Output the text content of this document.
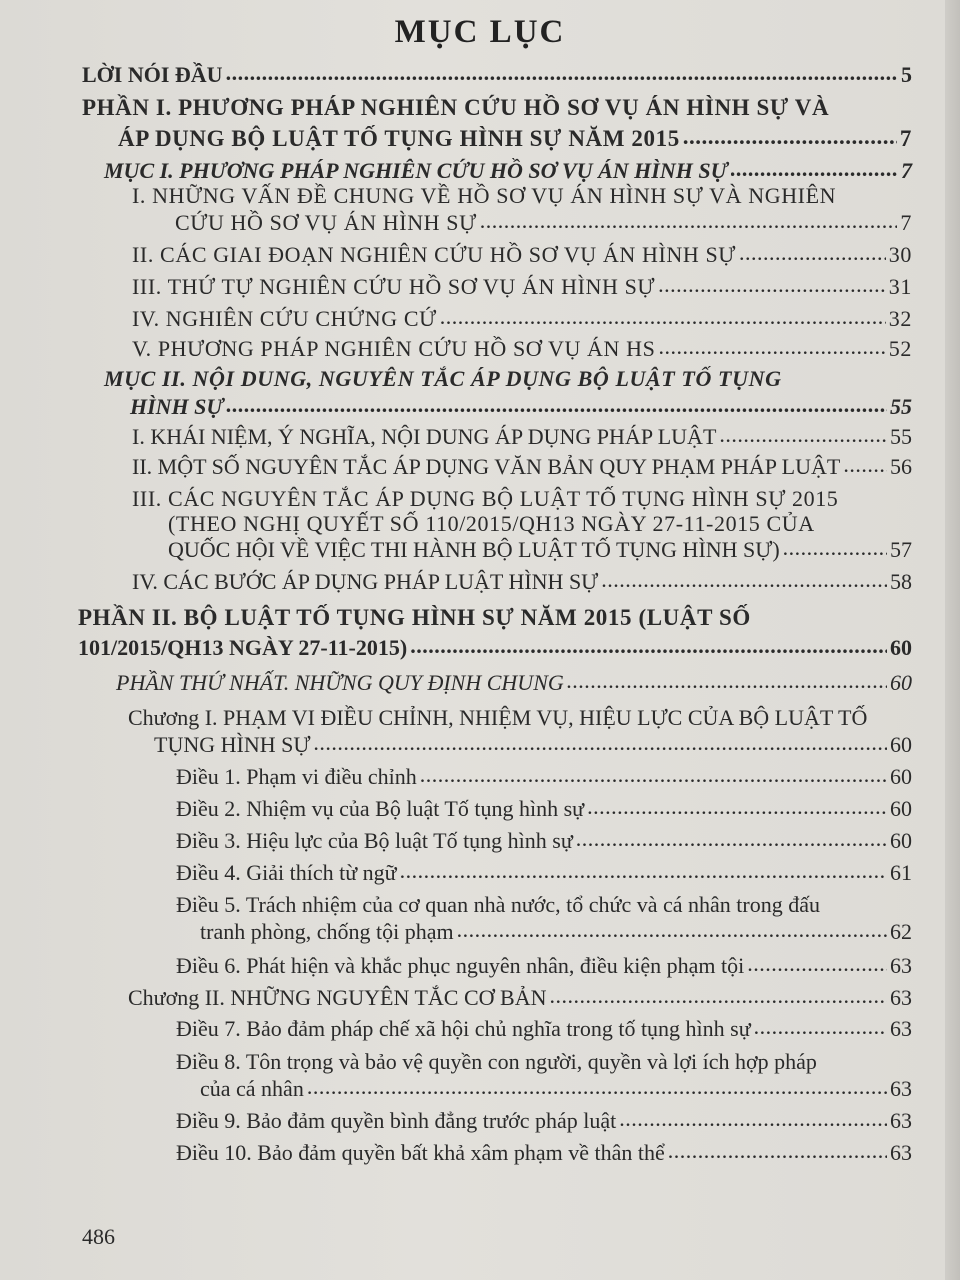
MỤC LỤC
LỜI NÓI ĐẦU .....	5
PHẦN I. PHƯƠNG PHÁP NGHIÊN CỨU HỒ SƠ VỤ ÁN HÌNH SỰ VÀ
ÁP DỤNG BỘ LUẬT TỐ TỤNG HÌNH SỰ NĂM 2015 .....	7
MỤC I. PHƯƠNG PHÁP NGHIÊN CỨU HỒ SƠ VỤ ÁN HÌNH SỰ .....	7
I. NHỮNG VẤN ĐỀ CHUNG VỀ HỒ SƠ VỤ ÁN HÌNH SỰ VÀ NGHIÊN
CỨU HỒ SƠ VỤ ÁN HÌNH SỰ .....	7
II. CÁC GIAI ĐOẠN NGHIÊN CỨU HỒ SƠ VỤ ÁN HÌNH SỰ .....	30
III. THỨ TỰ NGHIÊN CỨU HỒ SƠ VỤ ÁN HÌNH SỰ .....	31
IV. NGHIÊN CỨU CHỨNG CỨ .....	32
V. PHƯƠNG PHÁP NGHIÊN CỨU HỒ SƠ VỤ ÁN HS .....	52
MỤC II. NỘI DUNG, NGUYÊN TẮC ÁP DỤNG BỘ LUẬT TỐ TỤNG
HÌNH SỰ .....	55
I. KHÁI NIỆM, Ý NGHĨA, NỘI DUNG ÁP DỤNG PHÁP LUẬT .....	55
II. MỘT SỐ NGUYÊN TẮC ÁP DỤNG VĂN BẢN QUY PHẠM PHÁP LUẬT ..... 56
III. CÁC NGUYÊN TẮC ÁP DỤNG BỘ LUẬT TỐ TỤNG HÌNH SỰ 2015
(THEO NGHỊ QUYẾT SỐ 110/2015/QH13 NGÀY 27-11-2015 CỦA
QUỐC HỘI VỀ VIỆC THI HÀNH BỘ LUẬT TỐ TỤNG HÌNH SỰ) .....	57
IV. CÁC BƯỚC ÁP DỤNG PHÁP LUẬT HÌNH SỰ .....	58
PHẦN II. BỘ LUẬT TỐ TỤNG HÌNH SỰ NĂM 2015 (LUẬT SỐ
101/2015/QH13 NGÀY 27-11-2015) .....	60
PHẦN THỨ NHẤT. NHỮNG QUY ĐỊNH CHUNG .....	60
Chương I. PHẠM VI ĐIỀU CHỈNH, NHIỆM VỤ, HIỆU LỰC CỦA BỘ LUẬT TỐ
TỤNG HÌNH SỰ .....	60
Điều 1. Phạm vi điều chỉnh .....	60
Điều 2. Nhiệm vụ của Bộ luật Tố tụng hình sự .....	60
Điều 3. Hiệu lực của Bộ luật Tố tụng hình sự .....	60
Điều 4. Giải thích từ ngữ .....	61
Điều 5. Trách nhiệm của cơ quan nhà nước, tổ chức và cá nhân trong đấu
tranh phòng, chống tội phạm .....	62
Điều 6. Phát hiện và khắc phục nguyên nhân, điều kiện phạm tội .....	63
Chương II. NHỮNG NGUYÊN TẮC CƠ BẢN .....	63
Điều 7. Bảo đảm pháp chế xã hội chủ nghĩa trong tố tụng hình sự .....	63
Điều 8. Tôn trọng và bảo vệ quyền con người, quyền và lợi ích hợp pháp
của cá nhân .....	63
Điều 9. Bảo đảm quyền bình đẳng trước pháp luật .....	63
Điều 10. Bảo đảm quyền bất khả xâm phạm về thân thể .....	63
486
